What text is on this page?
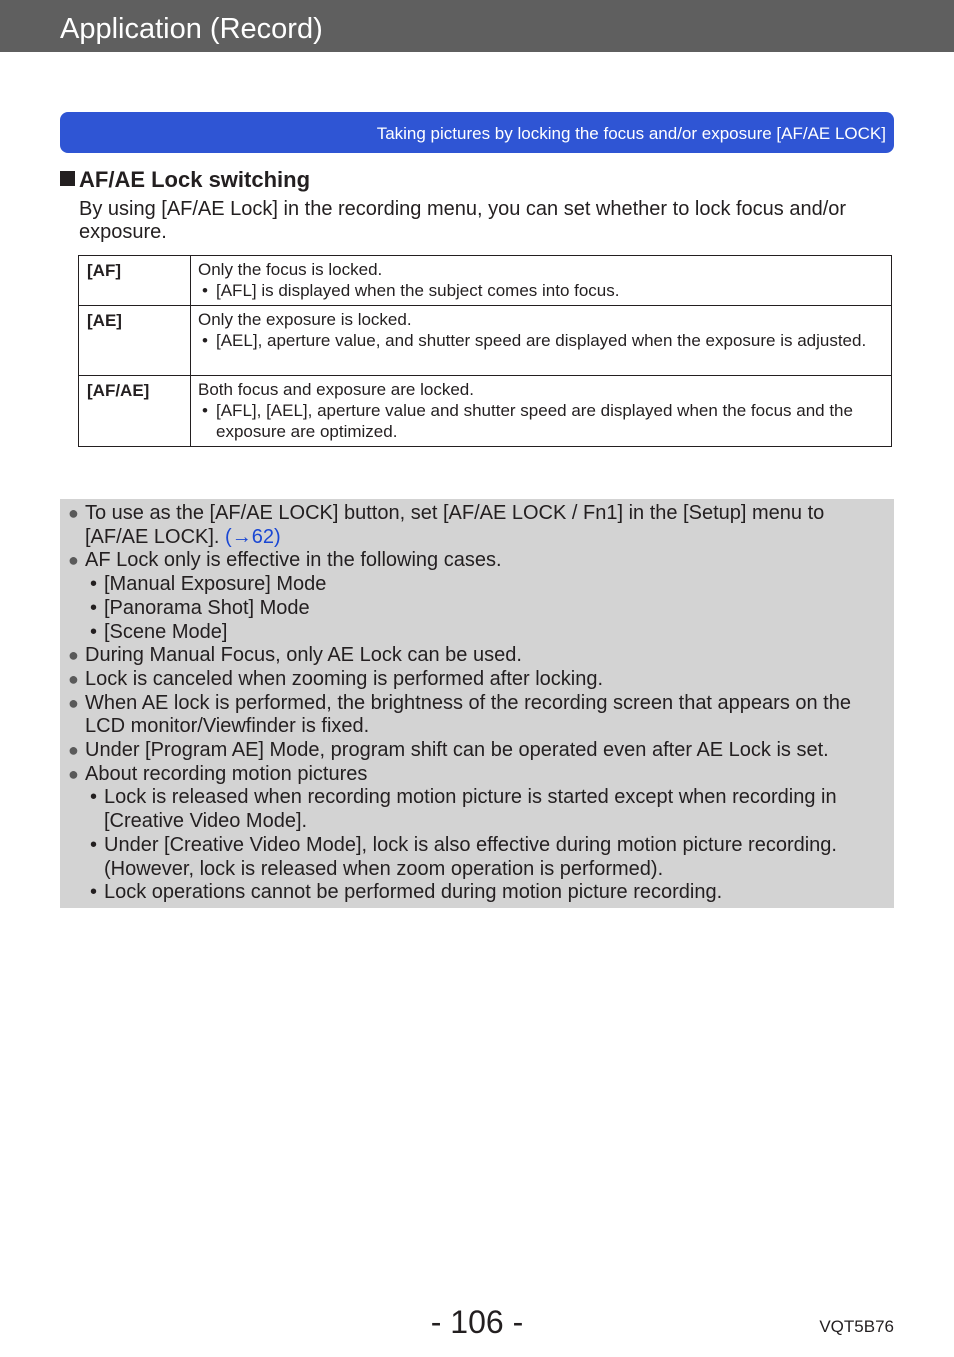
Application (Record)
Taking pictures by locking the focus and/or exposure [AF/AE LOCK]
AF/AE Lock switching
By using [AF/AE Lock] in the recording menu, you can set whether to lock focus and/or exposure.
[AF]	Only the focus is locked.
• [AFL] is displayed when the subject comes into focus.

[AE]	Only the exposure is locked.
• [AEL], aperture value, and shutter speed are displayed when the exposure is adjusted.

[AF/AE]	Both focus and exposure are locked.
• [AFL], [AEL], aperture value and shutter speed are displayed when the focus and the exposure are optimized.
● To use as the [AF/AE LOCK] button, set [AF/AE LOCK / Fn1] in the [Setup] menu to [AF/AE LOCK]. (→62)
● AF Lock only is effective in the following cases.
• [Manual Exposure] Mode
• [Panorama Shot] Mode
• [Scene Mode]
● During Manual Focus, only AE Lock can be used.
● Lock is canceled when zooming is performed after locking.
● When AE lock is performed, the brightness of the recording screen that appears on the LCD monitor/Viewfinder is fixed.
● Under [Program AE] Mode, program shift can be operated even after AE Lock is set.
● About recording motion pictures
• Lock is released when recording motion picture is started except when recording in [Creative Video Mode].
• Under [Creative Video Mode], lock is also effective during motion picture recording. (However, lock is released when zoom operation is performed).
• Lock operations cannot be performed during motion picture recording.
- 106 -	VQT5B76
